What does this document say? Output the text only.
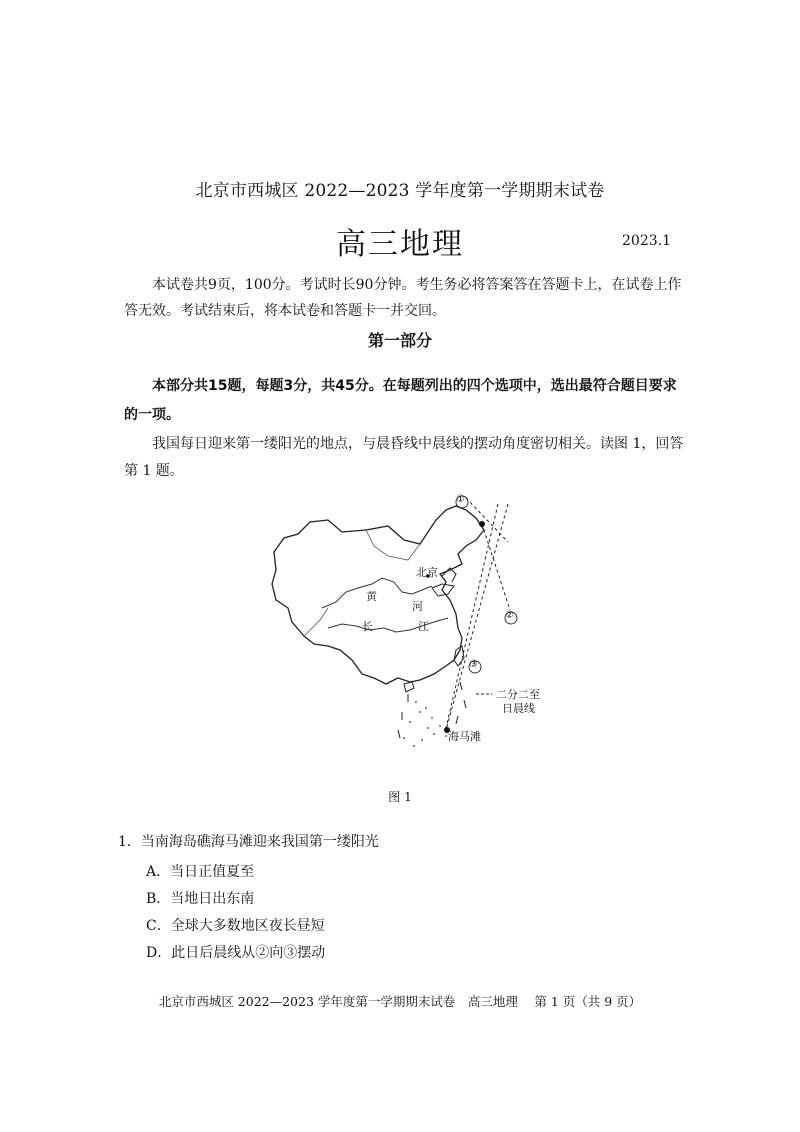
北京市西城区 2022—2023 学年度第一学期期末试卷
高三地理	2023.1
本试卷共9页，100分。考试时长90分钟。考生务必将答案答在答题卡上，在试卷上作答无效。考试结束后，将本试卷和答题卡一并交回。
第一部分
本部分共15题，每题3分，共45分。在每题列出的四个选项中，选出最符合题目要求的一项。
我国每日迎来第一缕阳光的地点，与晨昏线中晨线的摆动角度密切相关。读图 1，回答第 1 题。
①
②
③
北京
黄
河
长	江
二分二至
日晨线
海马滩
图 1
1．当南海岛礁海马滩迎来我国第一缕阳光
A．当日正值夏至
B．当地日出东南
C．全球大多数地区夜长昼短
D．此日后晨线从②向③摆动
北京市西城区 2022—2023 学年度第一学期期末试卷　高三地理　 第 1 页（共 9 页）
